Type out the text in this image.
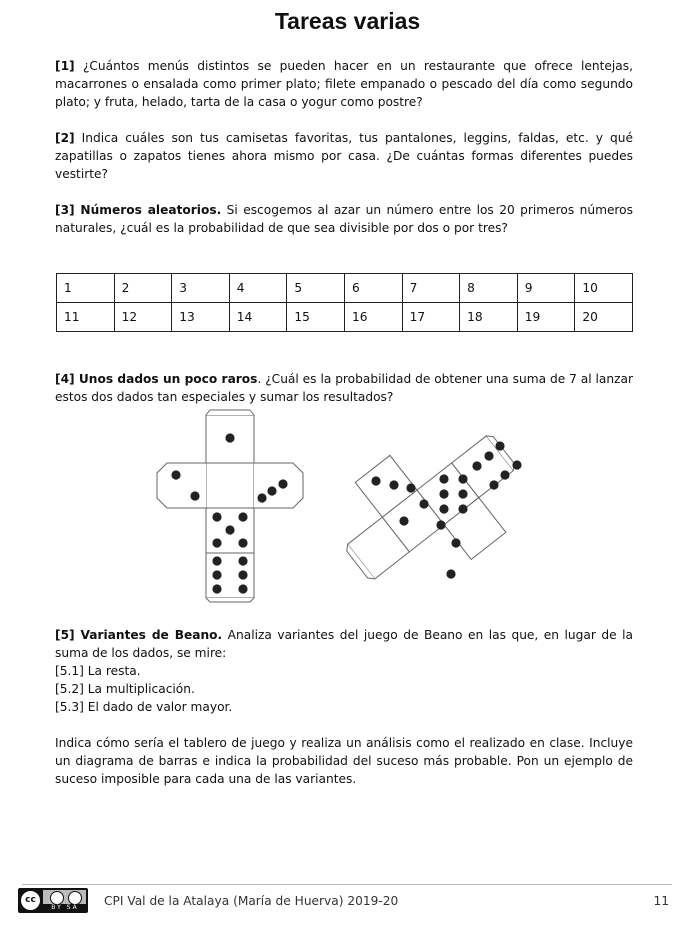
Tareas varias

[1] ¿Cuántos menús distintos se pueden hacer en un restaurante que ofrece lentejas, macarrones o ensalada como primer plato; filete empanado o pescado del día como segundo plato; y fruta, helado, tarta de la casa o yogur como postre?

[2] Indica cuáles son tus camisetas favoritas, tus pantalones, leggins, faldas, etc. y qué zapatillas o zapatos tienes ahora mismo por casa. ¿De cuántas formas diferentes puedes vestirte?

[3] Números aleatorios. Si escogemos al azar un número entre los 20 primeros números naturales, ¿cuál es la probabilidad de que sea divisible por dos o por tres?

1	2	3	4	5	6	7	8	9	10
11	12	13	14	15	16	17	18	19	20

[4] Unos dados un poco raros. ¿Cuál es la probabilidad de obtener una suma de 7 al lanzar estos dos dados tan especiales y sumar los resultados?

[5] Variantes de Beano. Analiza variantes del juego de Beano en las que, en lugar de la suma de los dados, se mire:

[5.1] La resta.

[5.2] La multiplicación.

[5.3] El dado de valor mayor.

Indica cómo sería el tablero de juego y realiza un análisis como el realizado en clase. Incluye un diagrama de barras e indica la probabilidad del suceso más probable. Pon un ejemplo de suceso imposible para cada una de las variantes.

cc
BY SA	CPI Val de la Atalaya (María de Huerva) 2019-20	11
